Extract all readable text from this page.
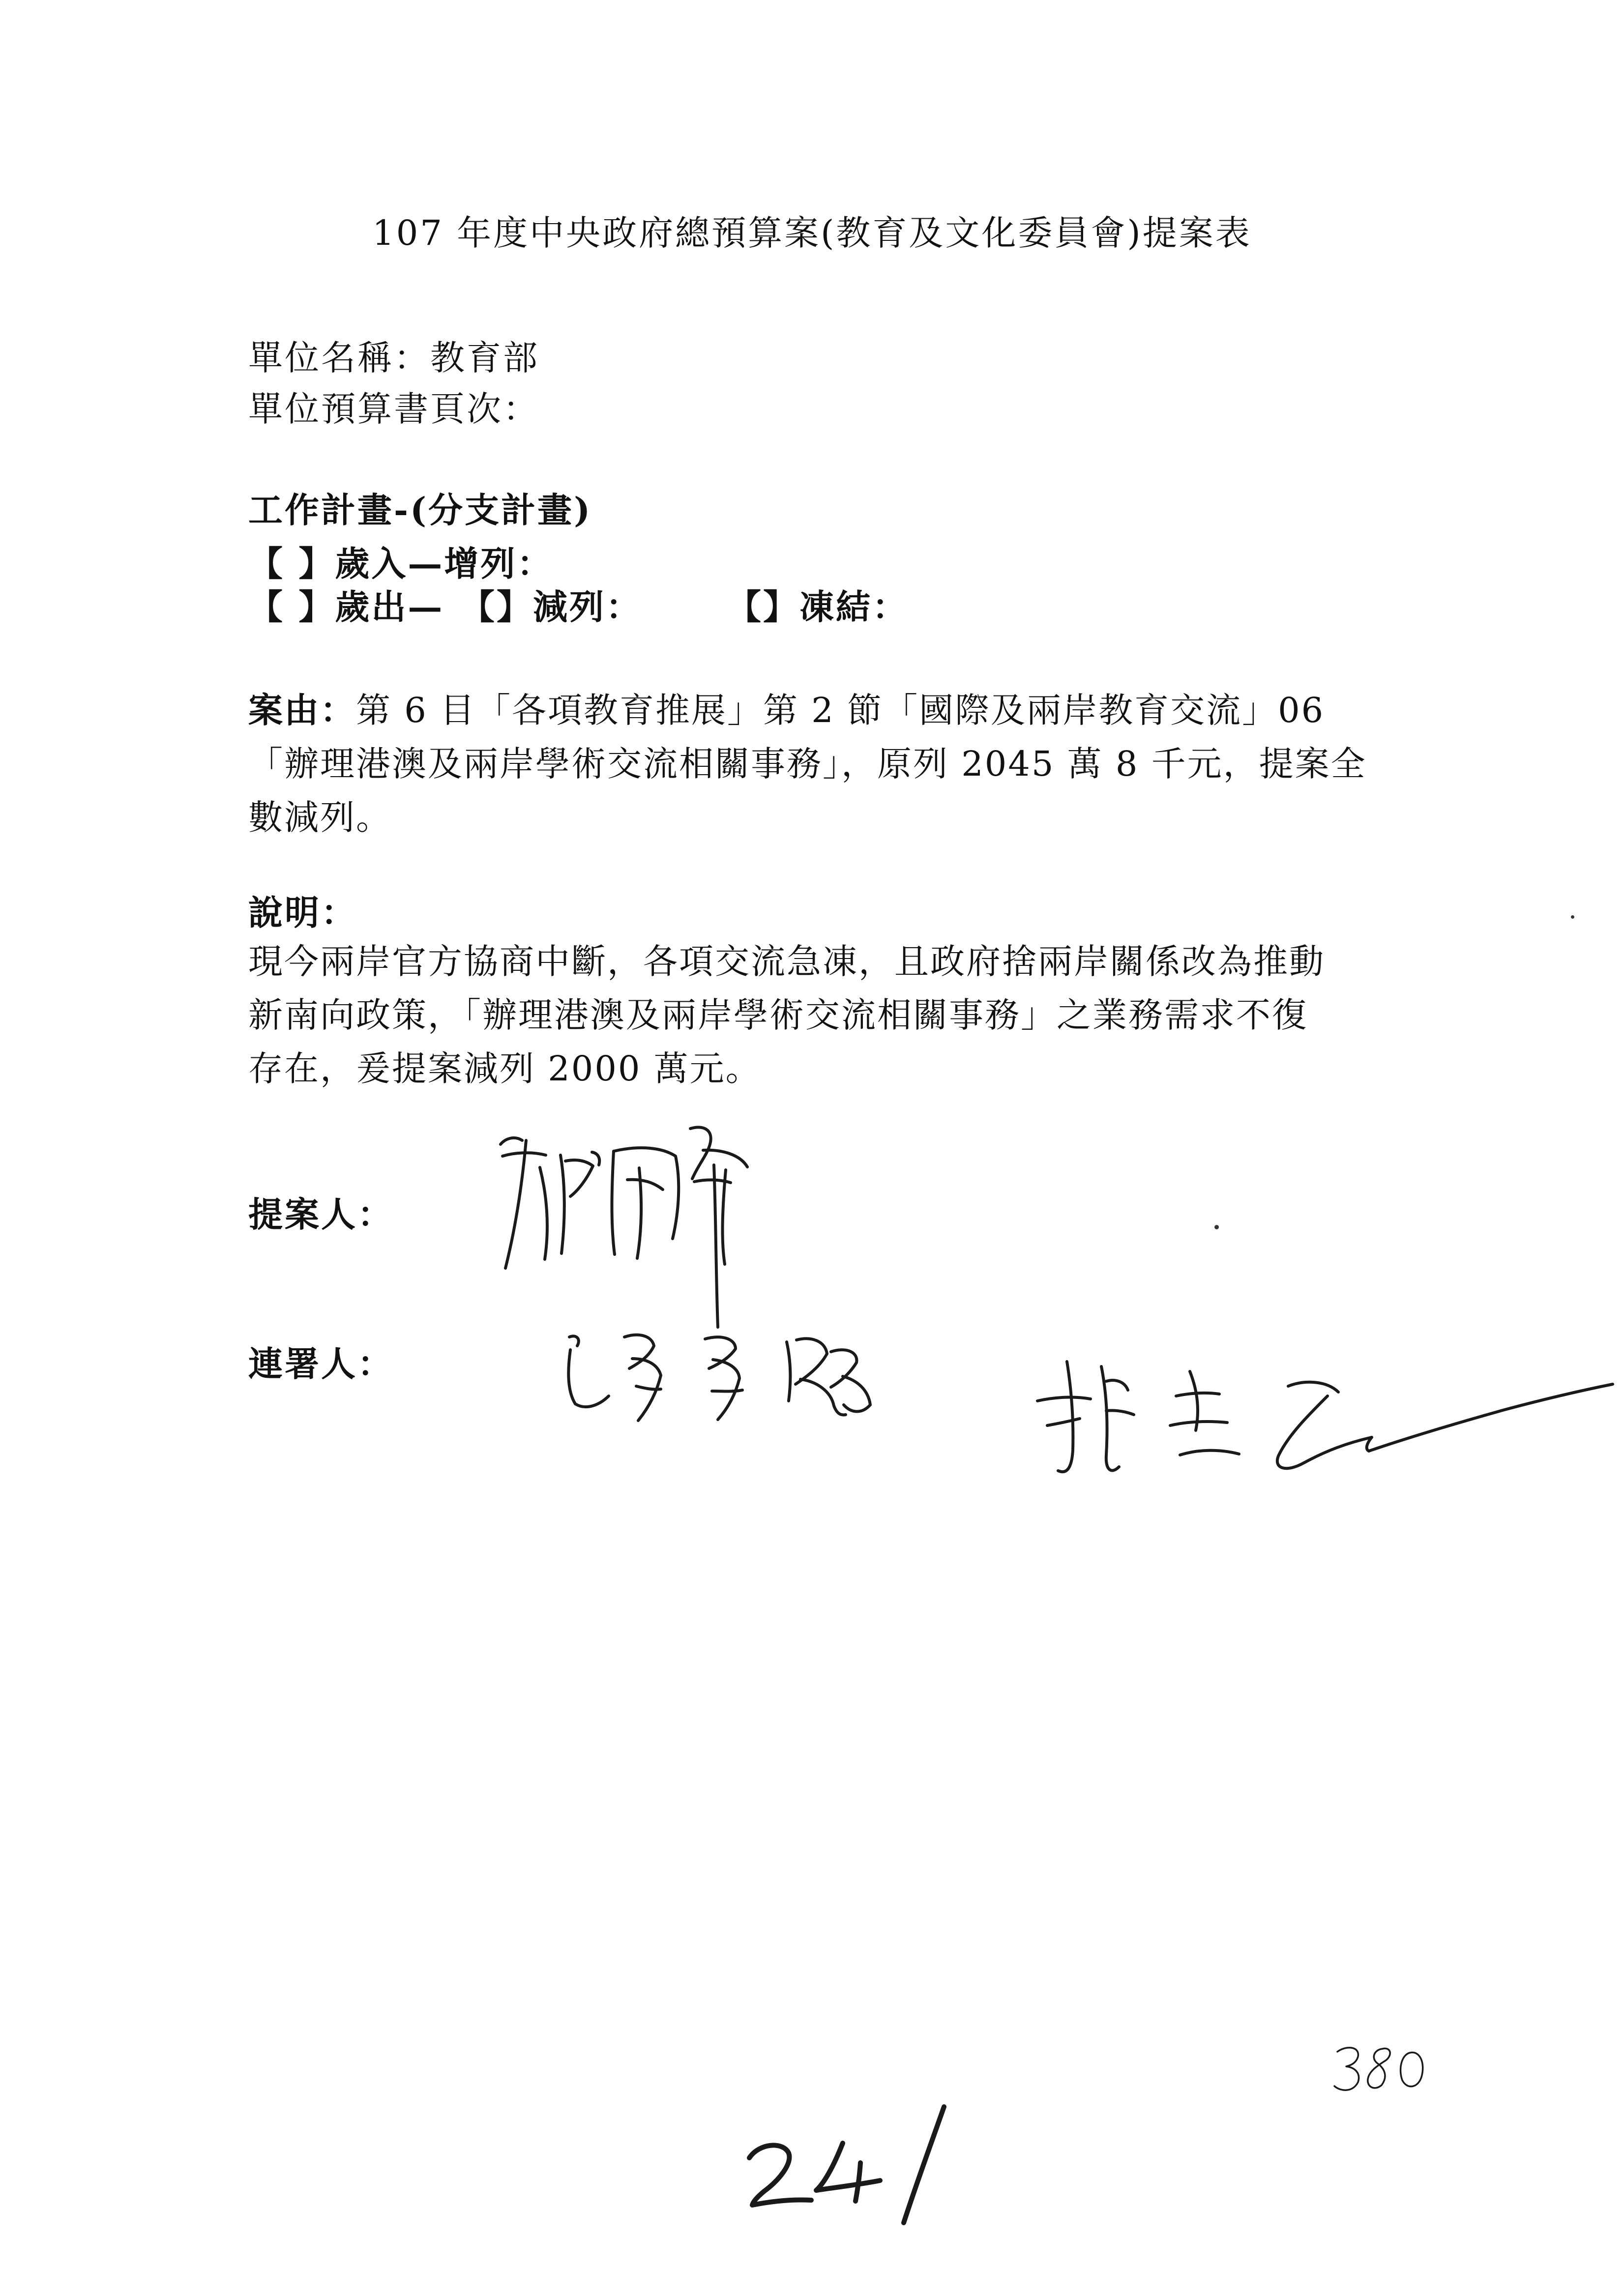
107 年度中央政府總預算案(教育及文化委員會)提案表
單位名稱：教育部
單位預算書頁次：
工作計畫-(分支計畫)
【 】歲入—增列：
【 】歲出— 【】減列： 【】凍結：
案由：第 6 目「各項教育推展」第 2 節「國際及兩岸教育交流」06
「辦理港澳及兩岸學術交流相關事務」，原列 2045 萬 8 千元，提案全
數減列。
說明：
現今兩岸官方協商中斷，各項交流急凍，且政府捨兩岸關係改為推動
新南向政策，「辦理港澳及兩岸學術交流相關事務」之業務需求不復
存在，爰提案減列 2000 萬元。
提案人：
連署人：
